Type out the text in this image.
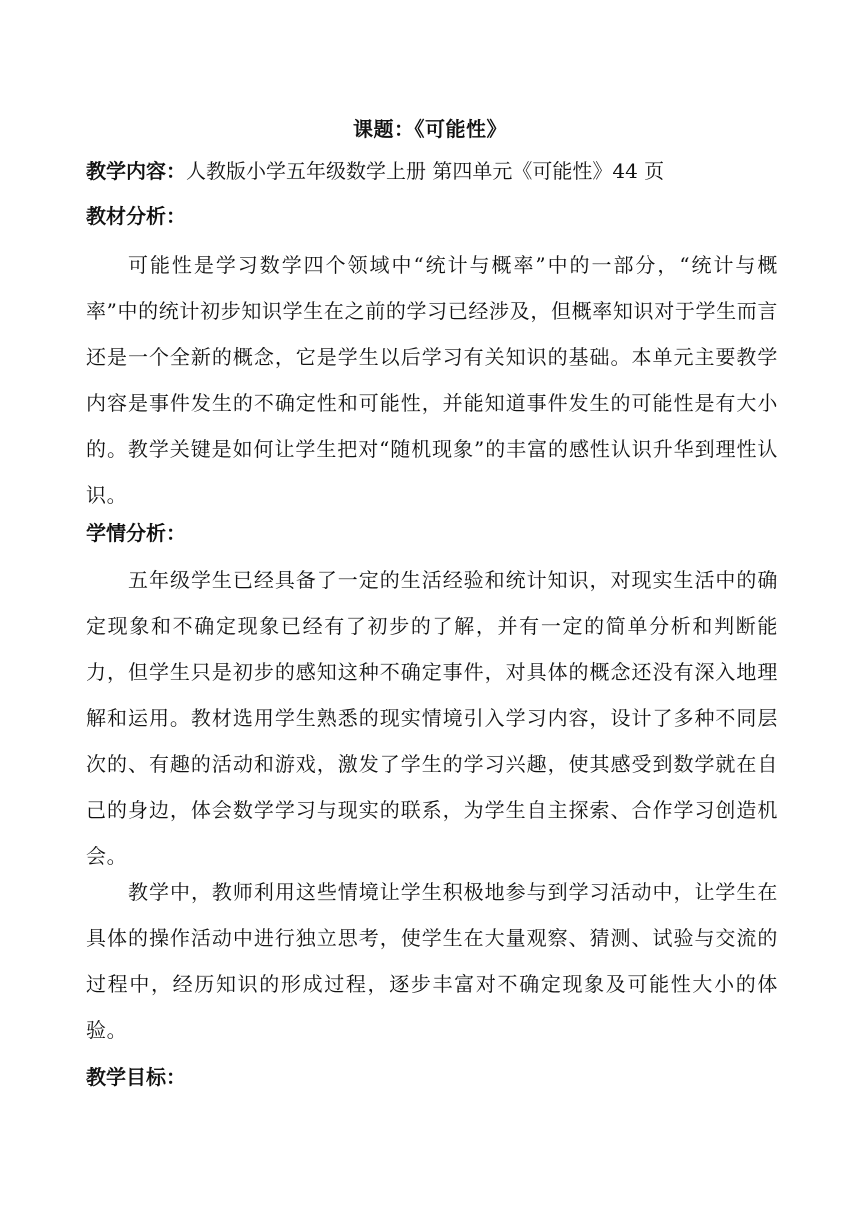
课题：《可能性》
教学内容：人教版小学五年级数学上册 第四单元《可能性》44 页
教材分析：
可能性是学习数学四个领域中“统计与概率”中的一部分，“统计与概率”中的统计初步知识学生在之前的学习已经涉及，但概率知识对于学生而言还是一个全新的概念，它是学生以后学习有关知识的基础。本单元主要教学内容是事件发生的不确定性和可能性，并能知道事件发生的可能性是有大小的。教学关键是如何让学生把对“随机现象”的丰富的感性认识升华到理性认识。
学情分析：
五年级学生已经具备了一定的生活经验和统计知识，对现实生活中的确定现象和不确定现象已经有了初步的了解，并有一定的简单分析和判断能力，但学生只是初步的感知这种不确定事件，对具体的概念还没有深入地理解和运用。教材选用学生熟悉的现实情境引入学习内容，设计了多种不同层次的、有趣的活动和游戏，激发了学生的学习兴趣，使其感受到数学就在自己的身边，体会数学学习与现实的联系，为学生自主探索、合作学习创造机会。
教学中，教师利用这些情境让学生积极地参与到学习活动中，让学生在具体的操作活动中进行独立思考，使学生在大量观察、猜测、试验与交流的过程中，经历知识的形成过程，逐步丰富对不确定现象及可能性大小的体验。
教学目标：
